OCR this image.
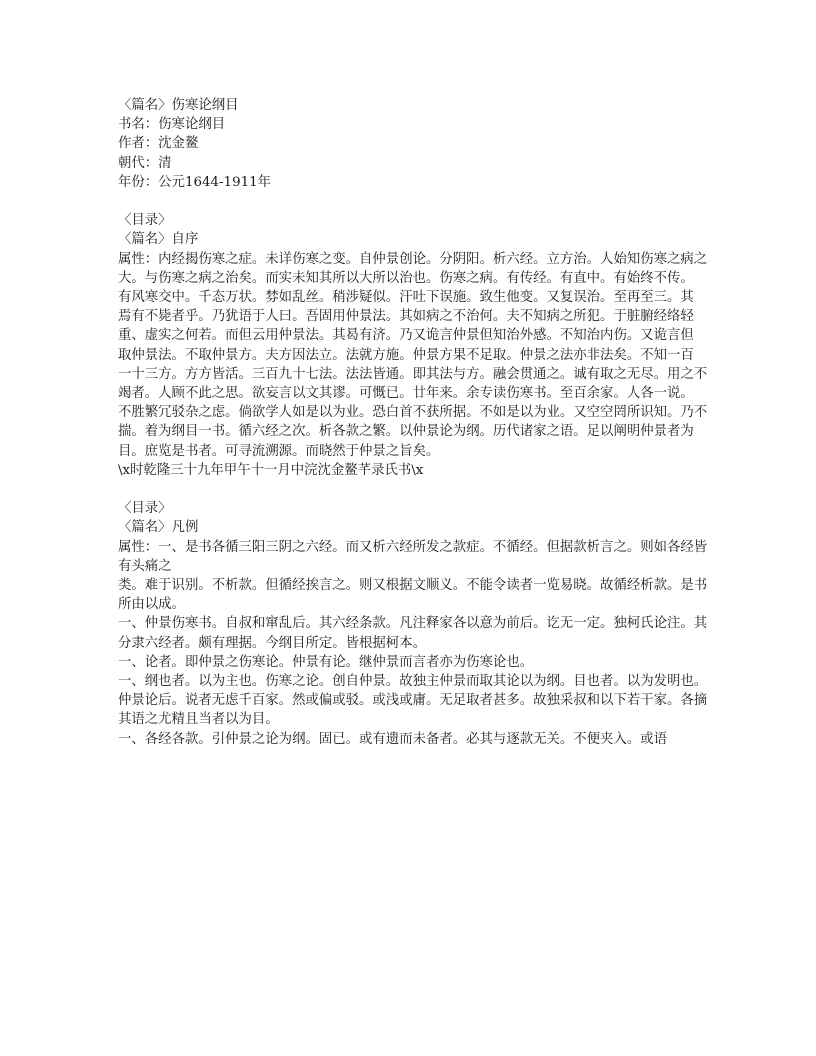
〈篇名〉伤寒论纲目
书名：伤寒论纲目
作者：沈金鳌
朝代：清
年份：公元1644-1911年
〈目录〉
〈篇名〉自序
属性：内经揭伤寒之症。未详伤寒之变。自仲景创论。分阴阳。析六经。立方治。人始知伤寒之病之
大。与伤寒之病之治矣。而实未知其所以大所以治也。伤寒之病。有传经。有直中。有始终不传。
有风寒交中。千态万状。棼如乱丝。稍涉疑似。汗吐下误施。致生他变。又复误治。至再至三。其
焉有不毙者乎。乃犹语于人曰。吾固用仲景法。其如病之不治何。夫不知病之所犯。于脏腑经络轻
重、虚实之何若。而但云用仲景法。其曷有济。乃又诡言仲景但知治外感。不知治内伤。又诡言但
取仲景法。不取仲景方。夫方因法立。法就方施。仲景方果不足取。仲景之法亦非法矣。不知一百
一十三方。方方皆活。三百九十七法。法法皆通。即其法与方。融会贯通之。诚有取之无尽。用之不
竭者。人顾不此之思。欲妄言以文其谬。可慨已。廿年来。余专读伤寒书。至百余家。人各一说。
不胜繁冗驳杂之虑。倘欲学人如是以为业。恐白首不获所据。不如是以为业。又空空罔所识知。乃不
揣。着为纲目一书。循六经之次。析各款之繁。以仲景论为纲。历代诸家之语。足以阐明仲景者为
目。庶览是书者。可寻流溯源。而晓然于仲景之旨矣。
\x时乾隆三十九年甲午十一月中浣沈金鳌芊录氏书\x
〈目录〉
〈篇名〉凡例
属性：一、是书各循三阳三阴之六经。而又析六经所发之款症。不循经。但据款析言之。则如各经皆有头痛之
类。难于识别。不析款。但循经挨言之。则又根据文顺义。不能令读者一览易晓。故循经析款。是书
所由以成。
一、仲景伤寒书。自叔和窜乱后。其六经条款。凡注释家各以意为前后。讫无一定。独柯氏论注。其
分隶六经者。颇有理据。今纲目所定。皆根据柯本。
一、论者。即仲景之伤寒论。仲景有论。继仲景而言者亦为伤寒论也。
一、纲也者。以为主也。伤寒之论。创自仲景。故独主仲景而取其论以为纲。目也者。以为发明也。
仲景论后。说者无虑千百家。然或偏或驳。或浅或庸。无足取者甚多。故独采叔和以下若干家。各摘其语之尤精且当者以为目。
一、各经各款。引仲景之论为纲。固已。或有遗而未备者。必其与逐款无关。不便夹入。或语
